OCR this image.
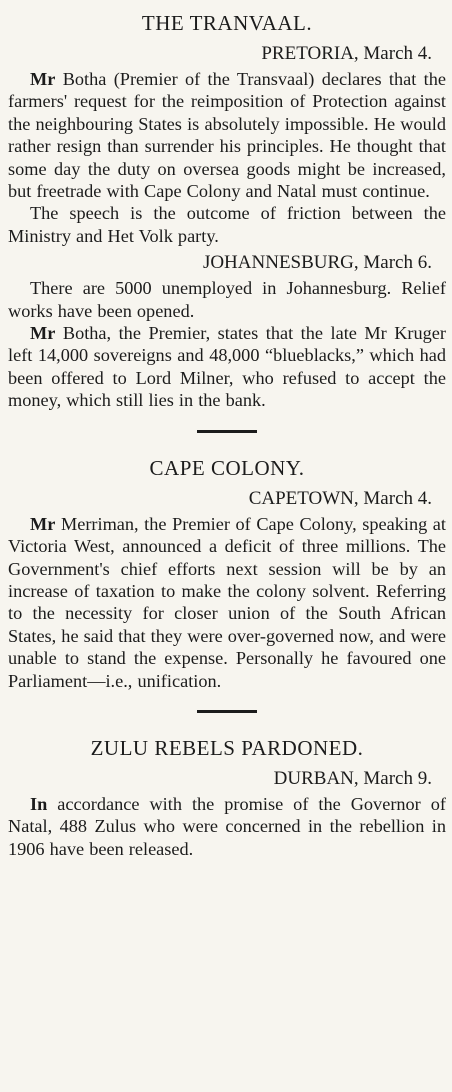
THE TRANVAAL.
PRETORIA, March 4.

Mr Botha (Premier of the Transvaal) declares that the farmers' request for the reimposition of Protection against the neighbouring States is absolutely impossible. He would rather resign than surrender his principles. He thought that some day the duty on oversea goods might be increased, but freetrade with Cape Colony and Natal must continue.

The speech is the outcome of friction between the Ministry and Het Volk party.

JOHANNESBURG, March 6.

There are 5000 unemployed in Johannesburg. Relief works have been opened.

Mr Botha, the Premier, states that the late Mr Kruger left 14,000 sovereigns and 48,000 “blueblacks,” which had been offered to Lord Milner, who refused to accept the money, which still lies in the bank.

CAPE COLONY.
CAPETOWN, March 4.

Mr Merriman, the Premier of Cape Colony, speaking at Victoria West, announced a deficit of three millions. The Government's chief efforts next session will be by an increase of taxation to make the colony solvent. Referring to the necessity for closer union of the South African States, he said that they were over-governed now, and were unable to stand the expense. Personally he favoured one Parliament—i.e., unification.

ZULU REBELS PARDONED.
DURBAN, March 9.

In accordance with the promise of the Governor of Natal, 488 Zulus who were concerned in the rebellion in 1906 have been released.
